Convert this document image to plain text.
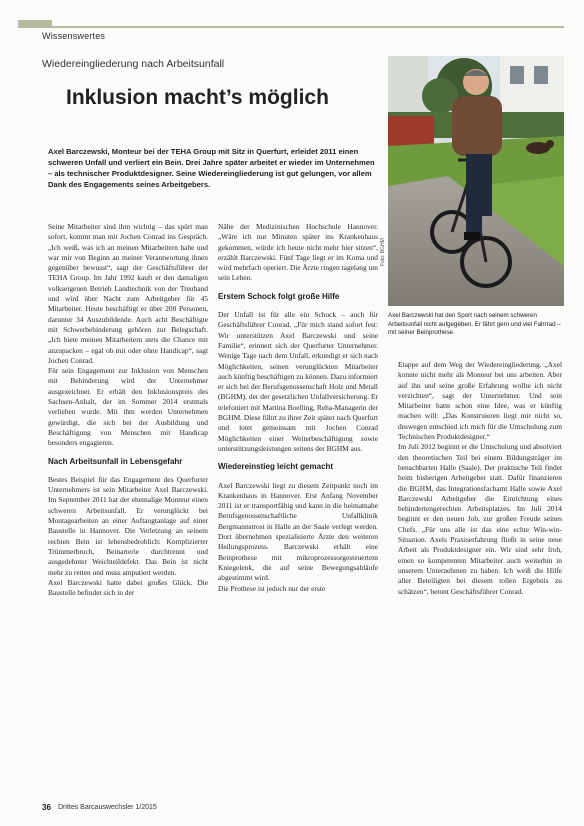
Wissenswertes
Wiedereingliederung nach Arbeitsunfall
Inklusion macht’s möglich
Axel Barczewski, Monteur bei der TEHA Group mit Sitz in Querfurt, erleidet 2011 einen schweren Unfall und verliert ein Bein. Drei Jahre später arbeitet er wieder im Unternehmen – als technischer Produktdesigner. Seine Wiedereingliederung ist gut gelungen, vor allem Dank des Engagements seines Arbeitgebers.
Foto: BGHM
Axel Barczewski hat den Sport nach seinem schweren Arbeitsunfall nicht aufgegeben. Er fährt gern und viel Fahrrad – mit seiner Beinprothese.

Seine Mitarbeiter sind ihm wichtig – das spürt man sofort, kommt man mit Jochen Conrad ins Gespräch. „Ich weiß, was ich an meinen Mitarbeitern habe und war mir von Beginn an meiner Verantwortung ihnen gegenüber bewusst“, sagt der Geschäftsführer der TEHA Group. Im Jahr 1992 kauft er den damaligen volkseigenen Betrieb Landtechnik von der Treuhand und wird über Nacht zum Arbeitgeber für 45 Mitarbeiter. Heute beschäftigt er über 200 Personen, darunter 34 Auszubildende. Auch acht Beschäftigte mit Schwerbehinderung gehören zur Belegschaft. „Ich biete meinen Mitarbeitern stets die Chance mit anzupacken – egal ob mit oder ohne Handicap“, sagt Jochen Conrad.

Für sein Engagement zur Inklusion von Menschen mit Behinderung wird der Unternehmer ausgezeichnet. Er erhält den Inklusionspreis des Sachsen-Anhalt, der im Sommer 2014 erstmals verliehen wurde. Mit ihm werden Unternehmen gewürdigt, die sich bei der Ausbildung und Beschäftigung von Menschen mit Handicap besonders engagieren.

Nach Arbeitsunfall in Lebensgefahr

Bestes Beispiel für das Engagement des Querfurter Unternehmers ist sein Mitarbeiter Axel Barczewski. Im September 2011 hat der ehemalige Monteur einen schweren Arbeitsunfall. Er verunglückt bei Montagearbeiten an einer Auftaugtanlage auf einer Baustelle in Hannover. Die Verletzung an seinem rechten Bein ist lebensbedrohlich: Komplizierter Trümmerbruch, Beinarterie durchtrennt und ausgedehnter Weichteildefekt. Das Bein ist nicht mehr zu retten und muss amputiert werden.

Axel Barczewski hatte dabei großes Glück. Die Baustelle befindet sich in der

Nähe der Medizinischen Hochschule Hannover. „Wäre ich nur Minuten später ins Krankenhaus gekommen, würde ich heute nicht mehr hier sitzen“, erzählt Barczewski. Fünf Tage liegt er im Koma und wird mehrfach operiert. Die Ärzte ringen tagelang um sein Leben.

Erstem Schock folgt große Hilfe

Der Unfall ist für alle ein Schock – auch für Geschäftsführer Conrad. „Für mich stand sofort fest: Wir unterstützen Axel Barczewski und seine Familie“, erinnert sich der Querfurter Unternehmer. Wenige Tage nach dem Unfall, erkundigt er sich nach Möglichkeiten, seinen verunglückten Mitarbeiter auch künftig beschäftigen zu können. Dazu informiert er sich bei der Berufsgenossenschaft Holz und Metall (BGHM), der der gesetzlichen Unfallversicherung. Er telefoniert mit Martina Boelling, Reha-Managerin der BGHM. Diese führt zu ihrer Zeit später nach Querfurt und lotet gemeinsam mit Jochen Conrad Möglichkeiten einer Weiterbeschäftigung sowie unterstützungsleistungen seitens der BGHM aus.

Wiedereinstieg leicht gemacht

Axel Barczewski liegt zu diesem Zeitpunkt noch im Krankenhaus in Hannover. Erst Anfang November 2011 ist er transportfähig und kann in die heimatnahe Berufsgenossenschaftliche Unfallklinik Bergmannstrost in Halle an der Saale verlegt werden. Dort übernehmen spezialisierte Ärzte den weiteren Heilungsprozess. Barczewski erhält eine Beinprothese mit mikroprozessorgesteuertem Kniegelenk, die auf seine Bewegungsabläufe abgestimmt wird.

Die Prothese ist jedoch nur der erste

Etappe auf dem Weg der Wiedereingliederung. „Axel konnte nicht mehr als Monteur bei uns arbeiten. Aber auf ihn und seine große Erfahrung wollte ich nicht verzichten“, sagt der Unternehmer. Und sein Mitarbeiter hatte schon eine Idee, was er künftig machen will: „Das Konstruieren liegt mir nicht so, deswegen entschied ich mich für die Umschulung zum Technischen Produktdesigner.“

Im Juli 2012 beginnt er die Umschulung und absolviert den theoretischen Teil bei einem Bildungsträger im benachbarten Halle (Saale). Der praktische Teil findet beim bisherigen Arbeitgeber statt. Dafür finanzieren die BGHM, das Integrationsfachamt Halle sowie Axel Barczewski Arbeitgeber die Einrichtung eines behindertengerechten Arbeitsplatzes. Im Juli 2014 beginnt er den neuen Job, zur großen Freude seines Chefs. „Für uns alle ist das eine echte Win-win-Situation. Axels Praxiserfahrung fließt in seine neue Arbeit als Produktdesigner ein. Wir sind sehr froh, einen so kompetenten Mitarbeiter auch weiterhin in unserem Unternehmen zu haben. Ich weiß die Hilfe aller Beteiligten bei diesem tollen Ergebnis zu schätzen“, betont Geschäftsführer Conrad.

36 Drittes Barcauswechsler 1/2015
